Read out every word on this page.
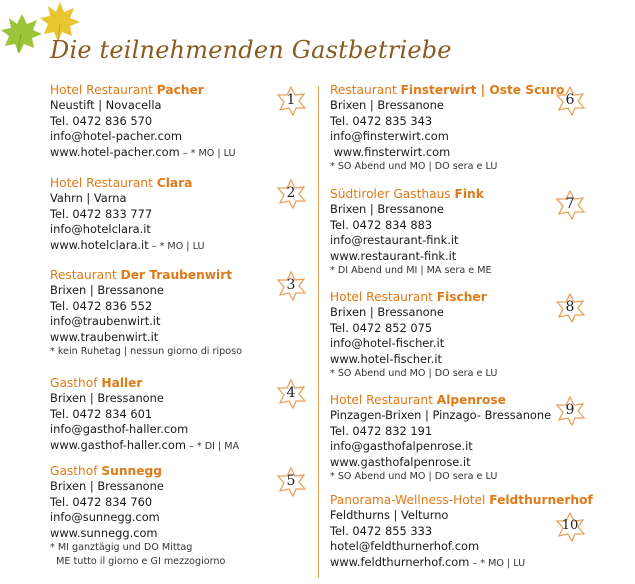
Die teilnehmenden Gastbetriebe
Hotel Restaurant Pacher
Neustift | Novacella
Tel. 0472 836 570
info@hotel-pacher.com
www.hotel-pacher.com – * MO | LU
1
Hotel Restaurant Clara
Vahrn | Varna
Tel. 0472 833 777
info@hotelclara.it
www.hotelclara.it – * MO | LU
2
Restaurant Der Traubenwirt
Brixen | Bressanone
Tel. 0472 836 552
info@traubenwirt.it
www.traubenwirt.it
* kein Ruhetag | nessun giorno di riposo
3
Gasthof Haller
Brixen | Bressanone
Tel. 0472 834 601
info@gasthof-haller.com
www.gasthof-haller.com – * DI | MA
4
Gasthof Sunnegg
Brixen | Bressanone
Tel. 0472 834 760
info@sunnegg.com
www.sunnegg.com
* MI ganztägig und DO Mittag
ME tutto il giorno e GI mezzogiorno
5
Restaurant Finsterwirt | Oste Scuro
Brixen | Bressanone
Tel. 0472 835 343
info@finsterwirt.com
www.finsterwirt.com
* SO Abend und MO | DO sera e LU
6
Südtiroler Gasthaus Fink
Brixen | Bressanone
Tel. 0472 834 883
info@restaurant-fink.it
www.restaurant-fink.it
* DI Abend und MI | MA sera e ME
7
Hotel Restaurant Fischer
Brixen | Bressanone
Tel. 0472 852 075
info@hotel-fischer.it
www.hotel-fischer.it
* SO Abend und MO | DO sera e LU
8
Hotel Restaurant Alpenrose
Pinzagen-Brixen | Pinzago- Bressanone
Tel. 0472 832 191
info@gasthofalpenrose.it
www.gasthofalpenrose.it
* SO Abend und MO | DO sera e LU
9
Panorama-Wellness-Hotel Feldthurnerhof
Feldthurns | Velturno
Tel. 0472 855 333
hotel@feldthurnerhof.com
www.feldthurnerhof.com – * MO | LU
10
